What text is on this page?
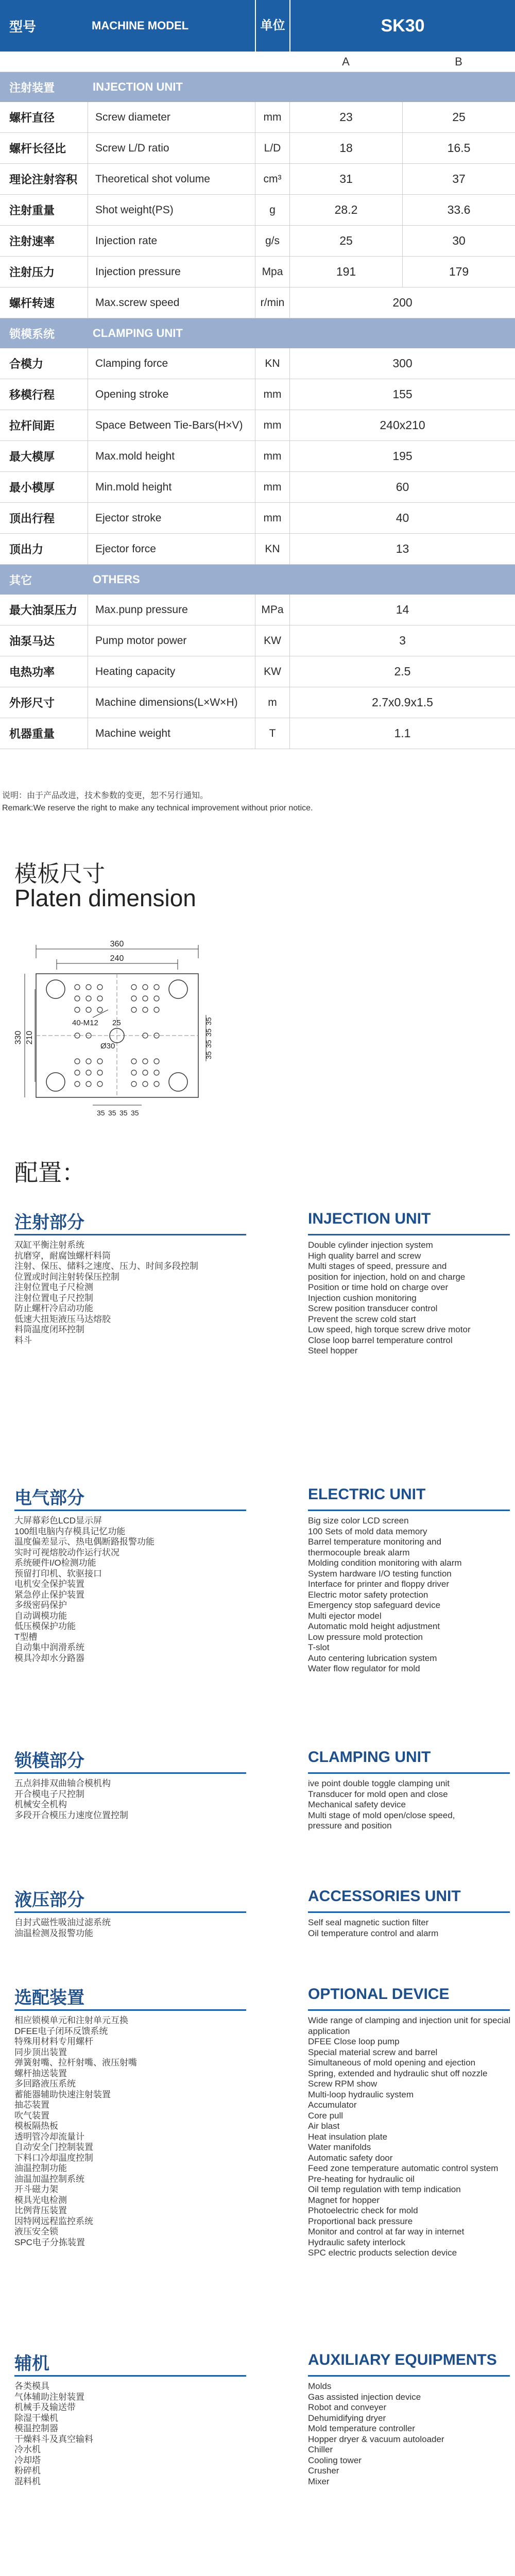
型号	MACHINE MODEL	单位	SK30
A	B
注射装置	INJECTION UNIT
螺杆直径	Screw diameter	mm	23	25
螺杆长径比	Screw L/D ratio	L/D	18	16.5
理论注射容积	Theoretical shot volume	cm³	31	37
注射重量	Shot weight(PS)	g	28.2	33.6
注射速率	Injection rate	g/s	25	30
注射压力	Injection pressure	Mpa	191	179
螺杆转速	Max.screw speed	r/min	200
锁模系统	CLAMPING UNIT
合模力	Clamping force	KN	300
移模行程	Opening stroke	mm	155
拉杆间距	Space Between Tie-Bars(H×V)	mm	240x210
最大模厚	Max.mold height	mm	195
最小模厚	Min.mold height	mm	60
顶出行程	Ejector stroke	mm	40
顶出力	Ejector force	KN	13
其它	OTHERS
最大油泵压力	Max.punp pressure	MPa	14
油泵马达	Pump motor power	KW	3
电热功率	Heating capacity	KW	2.5
外形尺寸	Machine dimensions(L×W×H)	m	2.7x0.9x1.5
机器重量	Machine weight	T	1.1
说明：由于产品改进，技术参数的变更，恕不另行通知。
Remark:We reserve the right to make any technical improvement without prior notice.
模板尺寸
Platen dimension
360
240
330 210
Ø30
40-M12 25	35
35
35
35
35 35 35 35
配置：
注射部分	INJECTION UNIT
双缸平衡注射系统
抗磨穿，耐腐蚀螺杆料筒
注射、保压、储料之速度、压力、时间多段控制
位置或时间注射转保压控制
注射位置电子尺检测
注射位置电子尺控制
防止螺杆冷启动功能
低速大扭矩液压马达熔胶
料筒温度闭环控制
料斗
Double cylinder injection system
High quality barrel and screw
Multi stages of speed, pressure and
position for injection, hold on and charge
Position or time hold on charge over
Injection cushion monitoring
Screw position transducer control
Prevent the screw cold start
Low speed, high torque screw drive motor
Close loop barrel temperature control
Steel hopper
电气部分	ELECTRIC UNIT
大屏幕彩色LCD显示屏
100组电脑内存模具记忆功能
温度偏差显示、热电偶断路报警功能
实时可视熔胶动作运行状况
系统硬件I/O检测功能
预留打印机、软驱接口
电机安全保护装置
紧急停止保护装置
多级密码保护
自动调模功能
低压模保护功能
T型槽
自动集中润滑系统
模具冷却水分路器
Big size color LCD screen
100 Sets of mold data memory
Barrel temperature monitoring and
thermocouple break alarm
Molding condition monitoring with alarm
System hardware I/O testing function
Interface for printer and floppy driver
Electric motor safety protection
Emergency stop safeguard device
Multi ejector model
Automatic mold height adjustment
Low pressure mold protection
T-slot
Auto centering lubrication system
Water flow regulator for mold
锁模部分	CLAMPING UNIT
五点斜排双曲轴合模机构
开合模电子尺控制
机械安全机构
多段开合模压力速度位置控制
ive point double toggle clamping unit
Transducer for mold open and close
Mechanical safety device
Multi stage of mold open/close speed,
pressure and position
液压部分	ACCESSORIES UNIT
自封式磁性吸油过滤系统
油温检测及报警功能
Self seal magnetic suction filter
Oil temperature control and alarm
选配装置	OPTIONAL DEVICE
相应锁模单元和注射单元互换
DFEE电子闭环反馈系统
特殊用材料专用螺杆
同步顶出装置
弹簧射嘴、拉杆射嘴、液压射嘴
螺杆抽送装置
多回路液压系统
蓄能器辅助快速注射装置
抽芯装置
吹气装置
模板隔热板
透明管冷却流量计
自动安全门控制装置
下料口冷却温度控制
油温控制功能
油温加温控制系统
开斗磁力架
模具光电检测
比例背压装置
因特网远程监控系统
液压安全锁
SPC电子分拣装置
Wide range of clamping and injection unit for special
application
DFEE Close loop pump
Special material screw and barrel
Simultaneous of mold opening and ejection
Spring, extended and hydraulic shut off nozzle
Screw RPM show
Multi-loop hydraulic system
Accumulator
Core pull
Air blast
Heat insulation plate
Water manifolds
Automatic safety door
Feed zone temperature automatic control system
Pre-heating for hydraulic oil
Oil temp regulation with temp indication
Magnet for hopper
Photoelectric check for mold
Proportional back pressure
Monitor and control at far way in internet
Hydraulic safety interlock
SPC electric products selection device
辅机	AUXILIARY EQUIPMENTS
各类模具
气体辅助注射装置
机械手及输送带
除湿干燥机
模温控制器
干燥料斗及真空输料
冷水机
冷却塔
粉碎机
混料机
Molds
Gas assisted injection device
Robot and conveyer
Dehumidifying dryer
Mold temperature controller
Hopper dryer & vacuum autoloader
Chiller
Cooling tower
Crusher
Mixer
